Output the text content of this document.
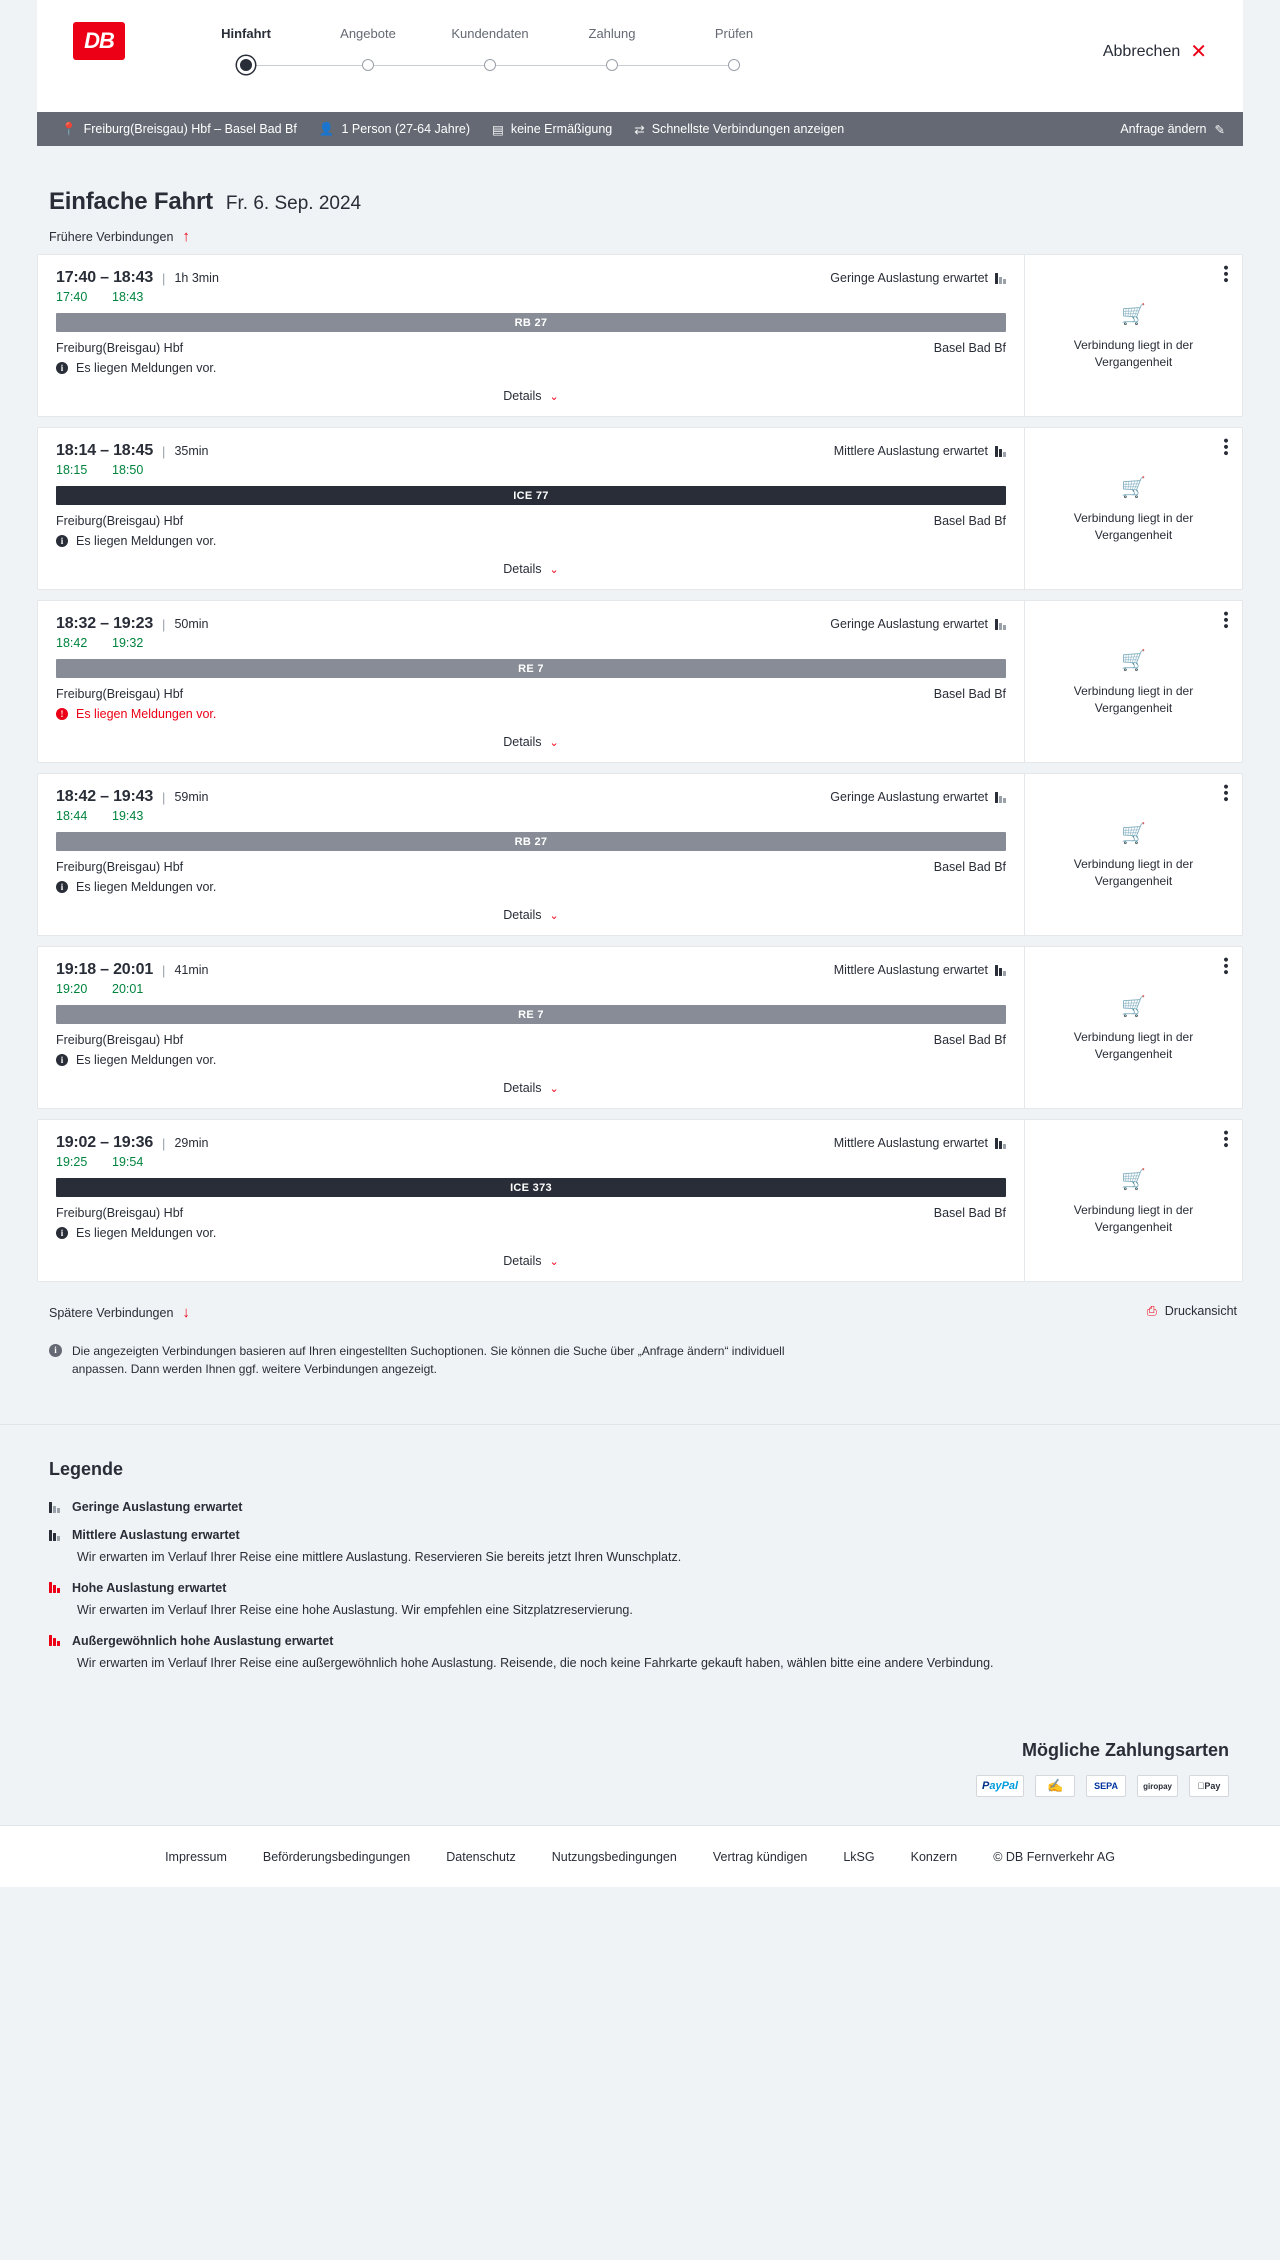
DB	Hinfahrt	Angebote	Kundendaten	Zahlung	Prüfen
Abbrechen ✕
📍 Freiburg(Breisgau) Hbf – Basel Bad Bf 👤 1 Person (27-64 Jahre) ▤ keine Ermäßigung ⇄ Schnellste Verbindungen anzeigen	Anfrage ändern ✎
Einfache Fahrt Fr. 6. Sep. 2024
Frühere Verbindungen ↑
17:40 – 18:43 | 1h 3min	Geringe Auslastung erwartet
17:40	18:43
RB 27
Freiburg(Breisgau) Hbf	Basel Bad Bf
i	Es liegen Meldungen vor.
Details ⌄
•••
🛒
Verbindung liegt in der Vergangenheit
18:14 – 18:45 | 35min	Mittlere Auslastung erwartet
18:15	18:50
ICE 77
Freiburg(Breisgau) Hbf	Basel Bad Bf
i	Es liegen Meldungen vor.
Details ⌄
•••
🛒
Verbindung liegt in der Vergangenheit
18:32 – 19:23 | 50min	Geringe Auslastung erwartet
18:42	19:32
RE 7
Freiburg(Breisgau) Hbf	Basel Bad Bf
!	Es liegen Meldungen vor.
Details ⌄
•••
🛒
Verbindung liegt in der Vergangenheit
18:42 – 19:43 | 59min	Geringe Auslastung erwartet
18:44	19:43
RB 27
Freiburg(Breisgau) Hbf	Basel Bad Bf
i	Es liegen Meldungen vor.
Details ⌄
•••
🛒
Verbindung liegt in der Vergangenheit
19:18 – 20:01 | 41min	Mittlere Auslastung erwartet
19:20	20:01
RE 7
Freiburg(Breisgau) Hbf	Basel Bad Bf
i	Es liegen Meldungen vor.
Details ⌄
•••
🛒
Verbindung liegt in der Vergangenheit
19:02 – 19:36 | 29min	Mittlere Auslastung erwartet
19:25	19:54
ICE 373
Freiburg(Breisgau) Hbf	Basel Bad Bf
i	Es liegen Meldungen vor.
Details ⌄
•••
🛒
Verbindung liegt in der Vergangenheit
Spätere Verbindungen ↓	⎙ Druckansicht
i	Die angezeigten Verbindungen basieren auf Ihren eingestellten Suchoptionen. Sie können die Suche über „Anfrage ändern“ individuell anpassen. Dann werden Ihnen ggf. weitere Verbindungen angezeigt.
Legende
Geringe Auslastung erwartet
Mittlere Auslastung erwartet
Wir erwarten im Verlauf Ihrer Reise eine mittlere Auslastung. Reservieren Sie bereits jetzt Ihren Wunschplatz.
Hohe Auslastung erwartet
Wir erwarten im Verlauf Ihrer Reise eine hohe Auslastung. Wir empfehlen eine Sitzplatzreservierung.
Außergewöhnlich hohe Auslastung erwartet
Wir erwarten im Verlauf Ihrer Reise eine außergewöhnlich hohe Auslastung. Reisende, die noch keine Fahrkarte gekauft haben, wählen bitte eine andere Verbindung.
Mögliche Zahlungsarten
PayPal ✍	SEPA	giropay	Pay
Impressum	Beförderungsbedingungen	Datenschutz	Nutzungsbedingungen	Vertrag kündigen	LkSG	Konzern	© DB Fernverkehr AG
